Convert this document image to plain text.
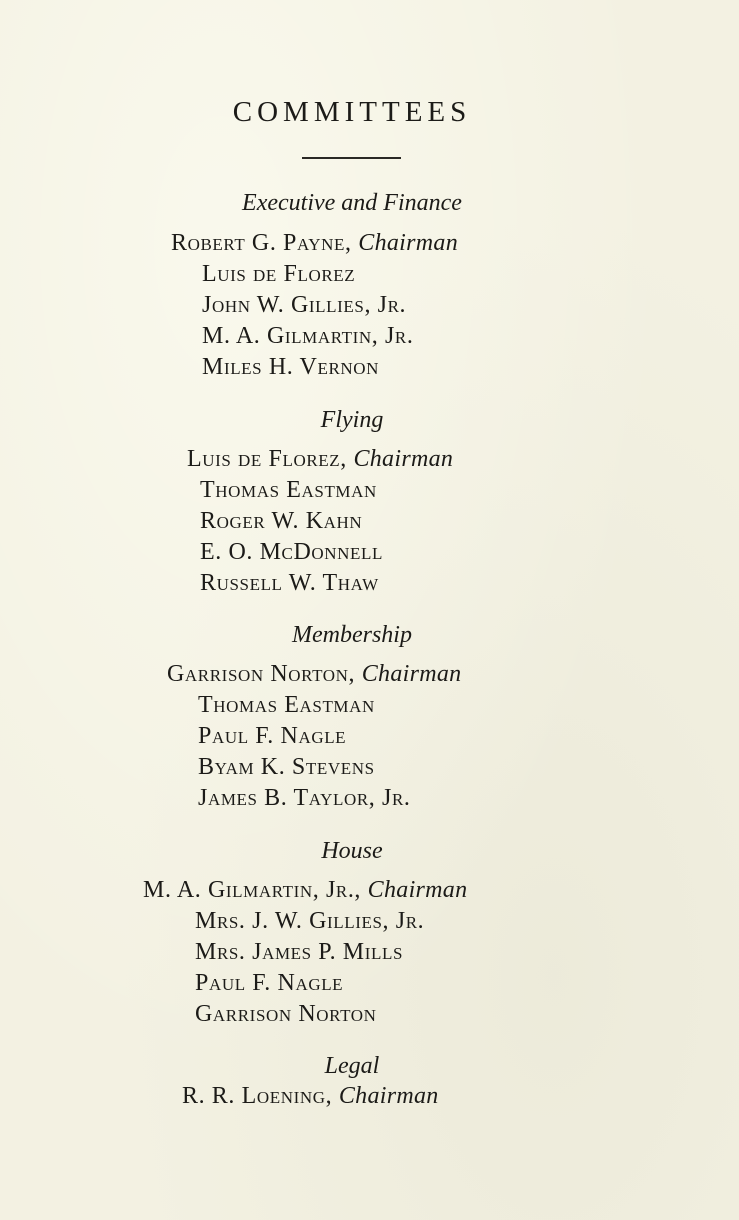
COMMITTEES
Executive and Finance
Robert G. Payne, Chairman
Luis de Florez
John W. Gillies, Jr.
M. A. Gilmartin, Jr.
Miles H. Vernon
Flying
Luis de Florez, Chairman
Thomas Eastman
Roger W. Kahn
E. O. McDonnell
Russell W. Thaw
Membership
Garrison Norton, Chairman
Thomas Eastman
Paul F. Nagle
Byam K. Stevens
James B. Taylor, Jr.
House
M. A. Gilmartin, Jr., Chairman
Mrs. J. W. Gillies, Jr.
Mrs. James P. Mills
Paul F. Nagle
Garrison Norton
Legal
R. R. Loening, Chairman
